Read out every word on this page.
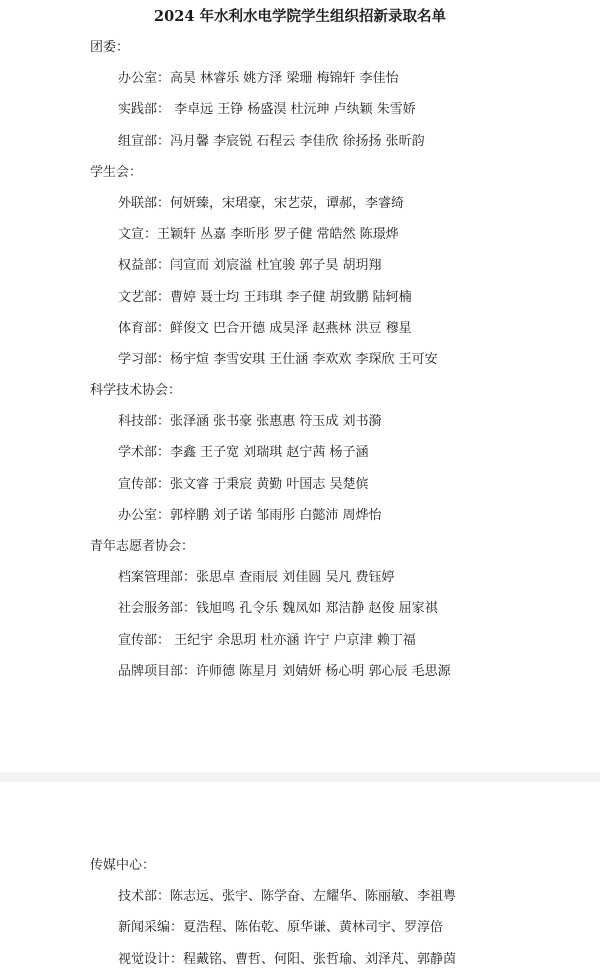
2024 年水利水电学院学生组织招新录取名单
团委：
办公室：高昊 林睿乐 姚方泽 梁珊 梅锦轩 李佳怡
实践部： 李卓远 王铮 杨盛淏 杜沅珅 卢纨颖 朱雪娇
组宣部：冯月馨 李宸锐 石程云 李佳欣 徐扬扬 张昕韵
学生会：
外联部：何妍臻，宋珺豪，宋艺荥，谭郝，李睿绮
文宣：王颖轩 丛嘉 李昕彤 罗子健 常皓然 陈璟烨
权益部：闫宣而 刘宸溢 杜宜骏 郭子昊 胡玥翔
文艺部：曹婷 聂士均 王玮琪 李子健 胡致鹏 陆轲楠
体育部：鲜俊文 巴合开德 成昊泽 赵燕林 洪豆 穆星
学习部：杨宇煊 李雪安琪 王仕涵 李欢欢 李琛欣 王可安
科学技术协会：
科技部：张泽涵 张书豪 张惠惠 符玉成 刘书漪
学术部：李鑫 王子宽 刘瑞琪 赵宁茜 杨子涵
宣传部：张文睿 于秉宸 黄勤 叶国志 吴楚傧
办公室：郭梓鹏 刘子诺 邹雨彤 白懿沛 周烨怡
青年志愿者协会：
档案管理部：张思卓 查雨辰 刘佳圆 吴凡 费钰婷
社会服务部：钱旭鸣 孔令乐 魏凤如 郑洁静 赵俊 屈家祺
宣传部： 王纪宇 余思玥 杜亦涵 许宁 户京津 赖丁福
品牌项目部：许师德 陈星月 刘婧妍 杨心明 郭心辰 毛思源
传媒中心：
技术部：陈志远、张宇、陈学奋、左耀华、陈丽敏、李祖粤
新闻采编：夏浩程、陈佑乾、原华谦、黄林司宇、罗淳倍
视觉设计：程戴铭、曹哲、何阳、张哲瑜、刘泽芃、郭静茵
